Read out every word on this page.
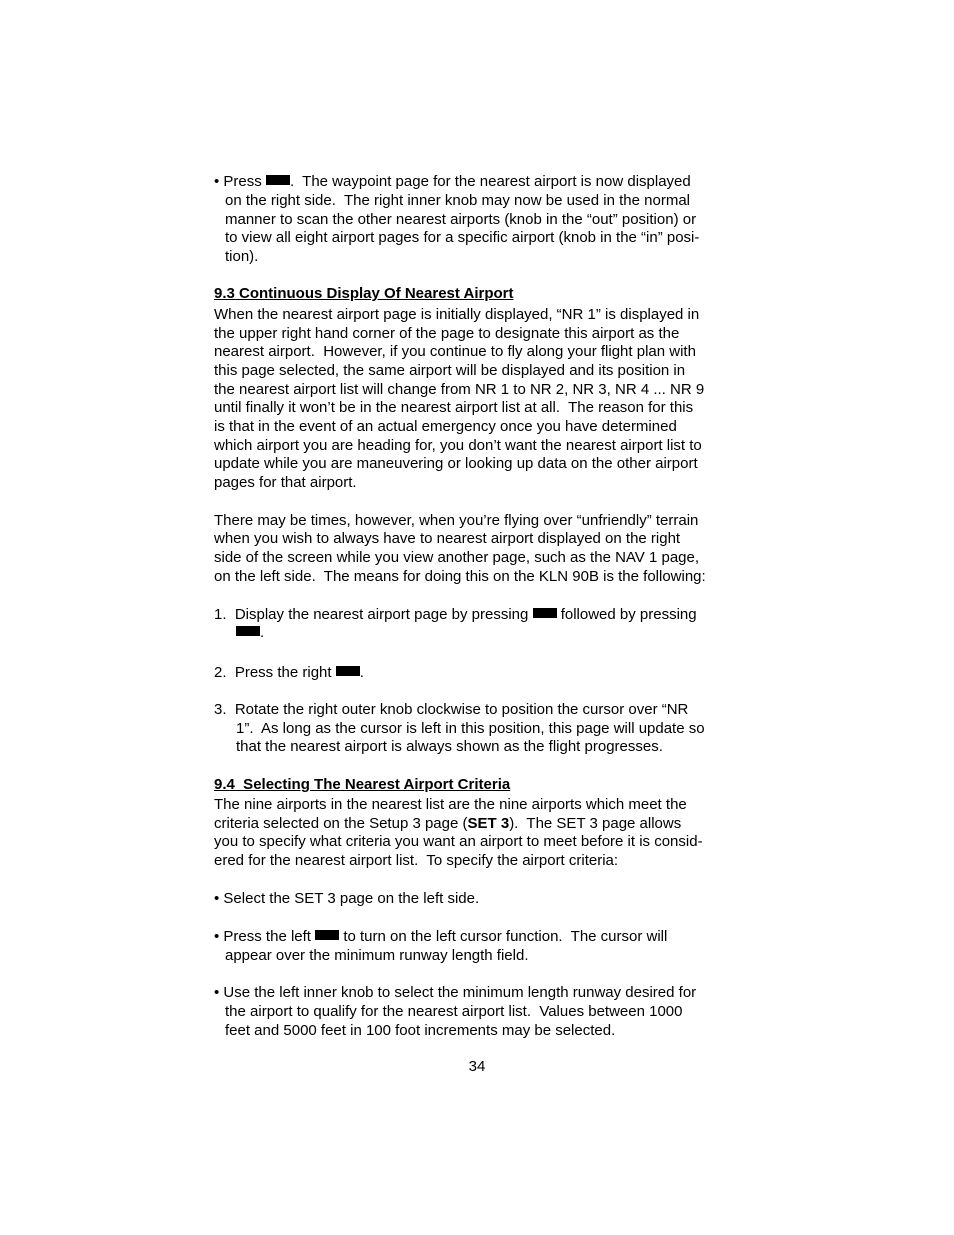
• Press .  The waypoint page for the nearest airport is now displayed
on the right side.  The right inner knob may now be used in the normal
manner to scan the other nearest airports (knob in the “out” position) or
to view all eight airport pages for a specific airport (knob in the “in” posi-
tion).
9.3 Continuous Display Of Nearest Airport
When the nearest airport page is initially displayed, “NR 1” is displayed in
the upper right hand corner of the page to designate this airport as the
nearest airport.  However, if you continue to fly along your flight plan with
this page selected, the same airport will be displayed and its position in
the nearest airport list will change from NR 1 to NR 2, NR 3, NR 4 ... NR 9
until finally it won’t be in the nearest airport list at all.  The reason for this
is that in the event of an actual emergency once you have determined
which airport you are heading for, you don’t want the nearest airport list to
update while you are maneuvering or looking up data on the other airport
pages for that airport.
There may be times, however, when you’re flying over “unfriendly” terrain
when you wish to always have to nearest airport displayed on the right
side of the screen while you view another page, such as the NAV 1 page,
on the left side.  The means for doing this on the KLN 90B is the following:
1.  Display the nearest airport page by pressing followed by pressing
.
2.  Press the right .
3.  Rotate the right outer knob clockwise to position the cursor over “NR
1”.  As long as the cursor is left in this position, this page will update so
that the nearest airport is always shown as the flight progresses.
9.4  Selecting The Nearest Airport Criteria
The nine airports in the nearest list are the nine airports which meet the
criteria selected on the Setup 3 page (SET 3).  The SET 3 page allows
you to specify what criteria you want an airport to meet before it is consid-
ered for the nearest airport list.  To specify the airport criteria:
• Select the SET 3 page on the left side.
• Press the left to turn on the left cursor function.  The cursor will
appear over the minimum runway length field.
• Use the left inner knob to select the minimum length runway desired for
the airport to qualify for the nearest airport list.  Values between 1000
feet and 5000 feet in 100 foot increments may be selected.
34
